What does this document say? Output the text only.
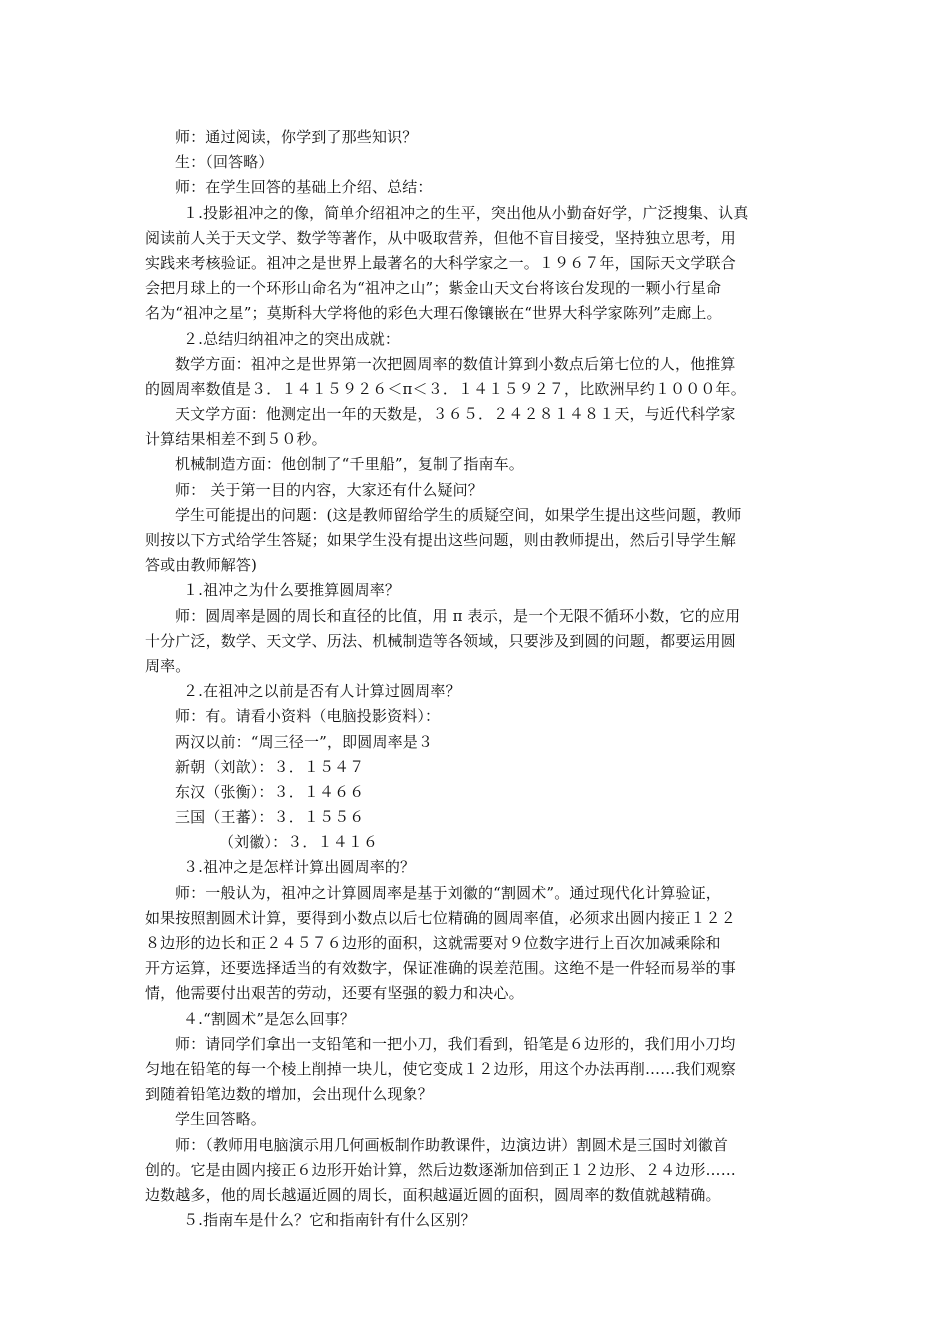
师：通过阅读，你学到了那些知识？
生：（回答略）
师：在学生回答的基础上介绍、总结：
１.投影祖冲之的像，简单介绍祖冲之的生平，突出他从小勤奋好学，广泛搜集、认真
阅读前人关于天文学、数学等著作，从中吸取营养，但他不盲目接受，坚持独立思考，用
实践来考核验证。祖冲之是世界上最著名的大科学家之一。１９６７年，国际天文学联合
会把月球上的一个环形山命名为“祖冲之山”；紫金山天文台将该台发现的一颗小行星命
名为“祖冲之星”；莫斯科大学将他的彩色大理石像镶嵌在“世界大科学家陈列”走廊上。
２.总结归纳祖冲之的突出成就：
数学方面：祖冲之是世界第一次把圆周率的数值计算到小数点后第七位的人，他推算
的圆周率数值是３．１４１５９２６＜π＜３．１４１５９２７，比欧洲早约１０００年。
天文学方面：他测定出一年的天数是，３６５．２４２８１４８１天，与近代科学家
计算结果相差不到５０秒。
机械制造方面：他创制了“千里船”，复制了指南车。
师： 关于第一目的内容，大家还有什么疑问？
学生可能提出的问题：(这是教师留给学生的质疑空间，如果学生提出这些问题，教师
则按以下方式给学生答疑；如果学生没有提出这些问题，则由教师提出，然后引导学生解
答或由教师解答)
１.祖冲之为什么要推算圆周率？
师：圆周率是圆的周长和直径的比值，用 π 表示，是一个无限不循环小数，它的应用
十分广泛，数学、天文学、历法、机械制造等各领域，只要涉及到圆的问题，都要运用圆
周率。
２.在祖冲之以前是否有人计算过圆周率？
师：有。请看小资料（电脑投影资料）：
两汉以前：“周三径一”，即圆周率是３
新朝（刘歆）：３．１５４７
东汉（张衡）：３．１４６６
三国（王蕃）：３．１５５６
（刘徽）：３．１４１６
３.祖冲之是怎样计算出圆周率的？
师：一般认为，祖冲之计算圆周率是基于刘徽的“割圆术”。通过现代化计算验证，
如果按照割圆术计算，要得到小数点以后七位精确的圆周率值，必须求出圆内接正１２２
８边形的边长和正２４５７６边形的面积，这就需要对９位数字进行上百次加减乘除和
开方运算，还要选择适当的有效数字，保证准确的误差范围。这绝不是一件轻而易举的事
情，他需要付出艰苦的劳动，还要有坚强的毅力和决心。
４.“割圆术”是怎么回事？
师：请同学们拿出一支铅笔和一把小刀，我们看到，铅笔是６边形的，我们用小刀均
匀地在铅笔的每一个棱上削掉一块儿，使它变成１２边形，用这个办法再削……我们观察
到随着铅笔边数的增加，会出现什么现象？
学生回答略。
师：（教师用电脑演示用几何画板制作助教课件，边演边讲）割圆术是三国时刘徽首
创的。它是由圆内接正６边形开始计算，然后边数逐渐加倍到正１２边形、２４边形……
边数越多，他的周长越逼近圆的周长，面积越逼近圆的面积，圆周率的数值就越精确。
５.指南车是什么？它和指南针有什么区别？
